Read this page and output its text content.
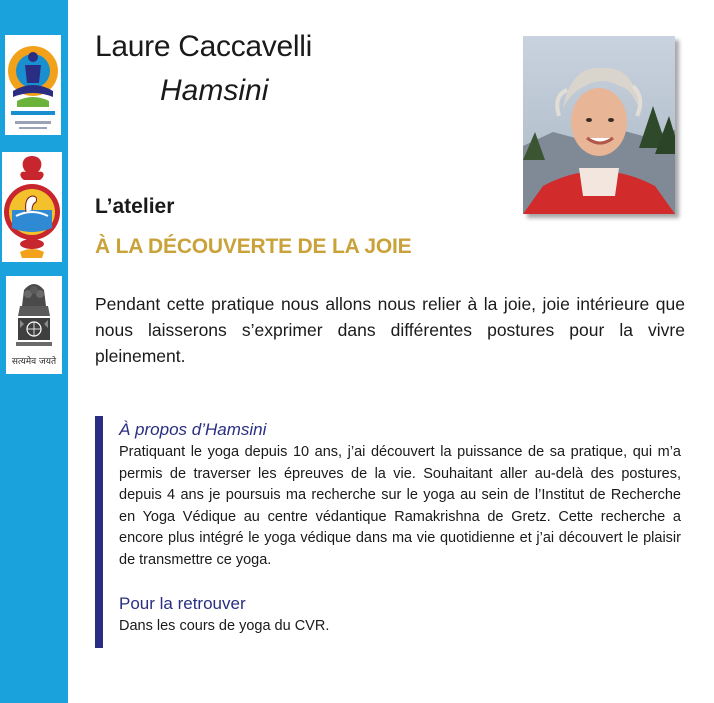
सत्यमेव जयते
Laure Caccavelli
Hamsini
L’atelier
À LA DÉCOUVERTE DE LA JOIE
Pendant cette pratique nous allons nous relier à la joie, joie intérieure que nous laisserons s’exprimer dans différentes postures pour la vivre pleinement.
À propos d’Hamsini
Pratiquant le yoga depuis 10 ans, j’ai découvert la puissance de sa pratique, qui m’a permis de traverser les épreuves de la vie. Souhaitant aller au-delà des postures, depuis 4 ans je poursuis ma recherche sur le yoga au sein de l’Institut de Recherche en Yoga Védique au centre védantique Ramakrishna de Gretz. Cette recherche a encore plus intégré le yoga védique dans ma vie quotidienne et j’ai découvert le plaisir de transmettre ce yoga.
Pour la retrouver
Dans les cours de yoga du CVR.
